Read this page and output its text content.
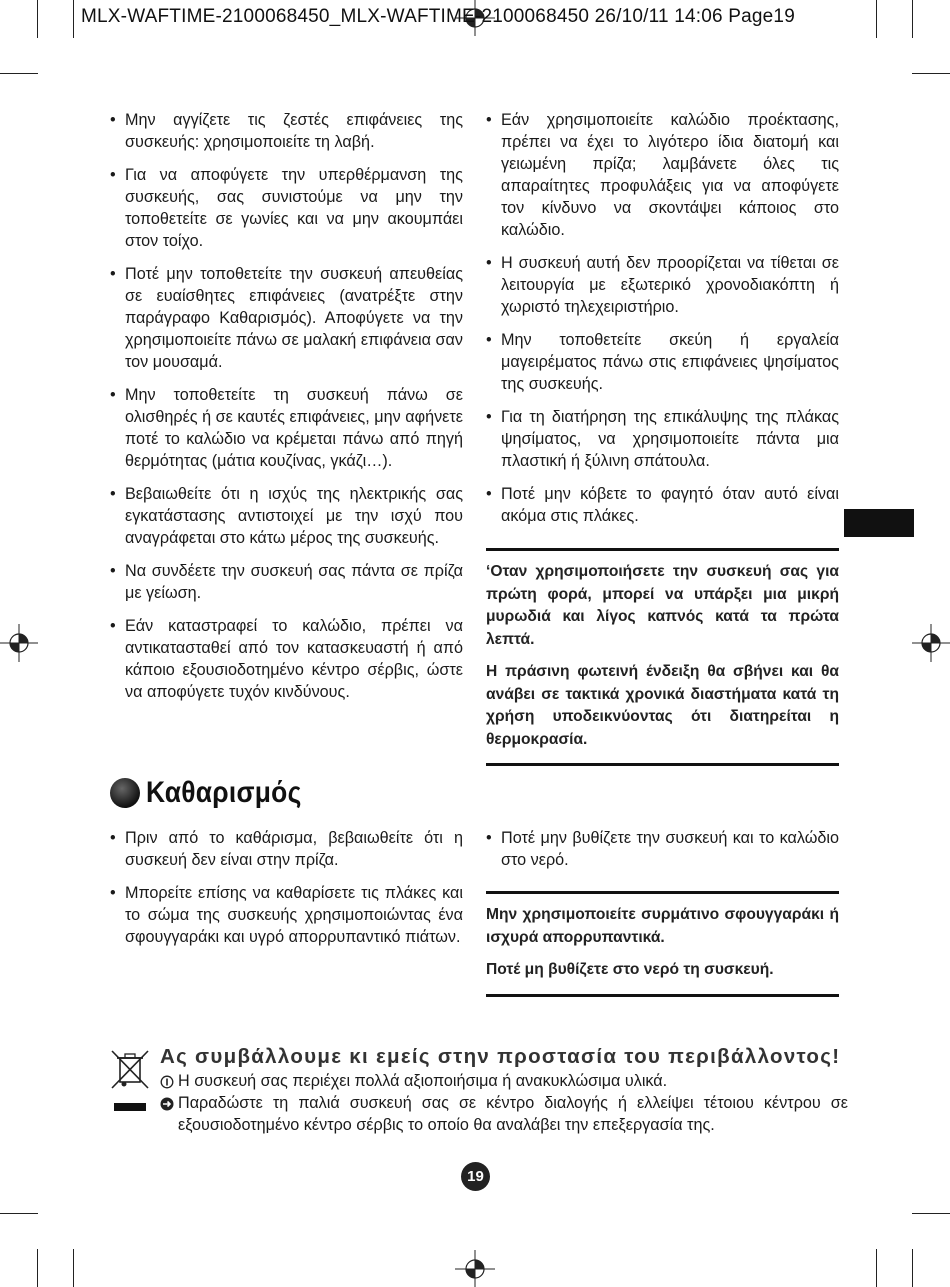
MLX-WAFTIME-2100068450_MLX-WAFTIME-2100068450 26/10/11 14:06 Page19
• Μην αγγίζετε τις ζεστές επιφάνειες της συσκευής: χρησιμοποιείτε τη λαβή.
• Για να αποφύγετε την υπερθέρμανση της συσκευής, σας συνιστούμε να μην την τοποθετείτε σε γωνίες και να μην ακουμπάει στον τοίχο.
• Ποτέ μην τοποθετείτε την συσκευή απευθείας σε ευαίσθητες επιφάνειες (ανατρέξτε στην παράγραφο Καθαρισμός). Αποφύγετε να την χρησιμοποιείτε πάνω σε μαλακή επιφάνεια σαν τον μουσαμά.
• Μην τοποθετείτε τη συσκευή πάνω σε ολισθηρές ή σε καυτές επιφάνειες, μην αφήνετε ποτέ το καλώδιο να κρέμεται πάνω από πηγή θερμότητας (μάτια κουζίνας, γκάζι…).
• Βεβαιωθείτε ότι η ισχύς της ηλεκτρικής σας εγκατάστασης αντιστοιχεί με την ισχύ που αναγράφεται στο κάτω μέρος της συσκευής.
• Να συνδέετε την συσκευή σας πάντα σε πρίζα με γείωση.
• Εάν καταστραφεί το καλώδιο, πρέπει να αντικατασταθεί από τον κατασκευαστή ή από κάποιο εξουσιοδοτημένο κέντρο σέρβις, ώστε να αποφύγετε τυχόν κινδύνους.
• Εάν χρησιμοποιείτε καλώδιο προέκτασης, πρέπει να έχει το λιγότερο ίδια διατομή και γειωμένη πρίζα; λαμβάνετε όλες τις απαραίτητες προφυλάξεις για να αποφύγετε τον κίνδυνο να σκοντάψει κάποιος στο καλώδιο.
• Η συσκευή αυτή δεν προορίζεται να τίθεται σε λειτουργία με εξωτερικό χρονοδιακόπτη ή χωριστό τηλεχειριστήριο.
• Μην τοποθετείτε σκεύη ή εργαλεία μαγειρέματος πάνω στις επιφάνειες ψησίματος της συσκευής.
• Για τη διατήρηση της επικάλυψης της πλάκας ψησίματος, να χρησιμοποιείτε πάντα μια πλαστική ή ξύλινη σπάτουλα.
• Ποτέ μην κόβετε το φαγητό όταν αυτό είναι ακόμα στις πλάκες.

‘Οταν χρησιμοποιήσετε την συσκευή σας για πρώτη φορά, μπορεί να υπάρξει μια μικρή μυρωδιά και λίγος καπνός κατά τα πρώτα λεπτά.

Η πράσινη φωτεινή ένδειξη θα σβήνει και θα ανάβει σε τακτικά χρονικά διαστήματα κατά τη χρήση υποδεικνύοντας ότι διατηρείται η θερμοκρασία.

Καθαρισμός
• Πριν από το καθάρισμα, βεβαιωθείτε ότι η συσκευή δεν είναι στην πρίζα.
• Μπορείτε επίσης να καθαρίσετε τις πλάκες και το σώμα της συσκευής χρησιμοποιώντας ένα σφουγγαράκι και υγρό απορρυπαντικό πιάτων.
• Ποτέ μην βυθίζετε την συσκευή και το καλώδιο στο νερό.

Μην χρησιμοποιείτε συρμάτινο σφουγγαράκι ή ισχυρά απορρυπαντικά.

Ποτέ μη βυθίζετε στο νερό τη συσκευή.

Ας συμβάλλουμε κι εμείς στην προστασία του περιβάλλοντος!
Η συσκευή σας περιέχει πολλά αξιοποιήσιμα ή ανακυκλώσιμα υλικά.
Παραδώστε τη παλιά συσκευή σας σε κέντρο διαλογής ή ελλείψει τέτοιου κέντρου σε εξουσιοδοτημένο κέντρο σέρβις το οποίο θα αναλάβει την επεξεργασία της.
19
